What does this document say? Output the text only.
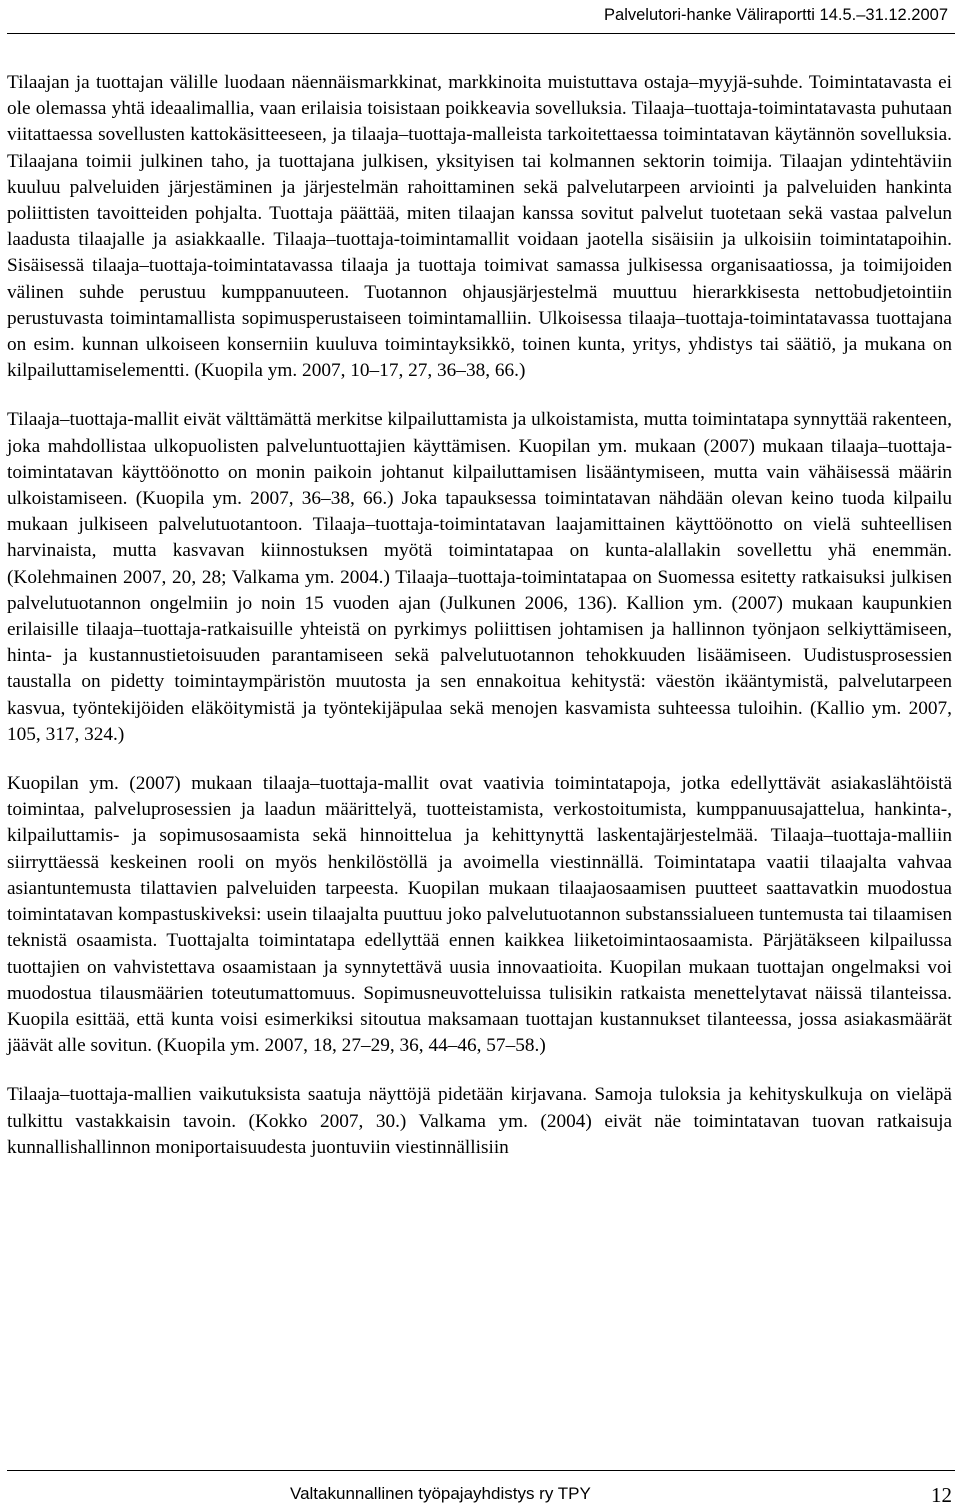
Palvelutori-hanke Väliraportti 14.5.–31.12.2007

Tilaajan ja tuottajan välille luodaan näennäismarkkinat, markkinoita muistuttava ostaja–myyjä-suhde. Toimintatavasta ei ole olemassa yhtä ideaalimallia, vaan erilaisia toisistaan poikkeavia sovelluksia. Tilaaja–tuottaja-toimintatavasta puhutaan viitattaessa sovellusten kattokäsitteeseen, ja tilaaja–tuottaja-malleista tarkoitettaessa toimintatavan käytännön sovelluksia. Tilaajana toimii julkinen taho, ja tuottajana julkisen, yksityisen tai kolmannen sektorin toimija. Tilaajan ydintehtäviin kuuluu palveluiden järjestäminen ja järjestelmän rahoittaminen sekä palvelutarpeen arviointi ja palveluiden hankinta poliittisten tavoitteiden pohjalta. Tuottaja päättää, miten tilaajan kanssa sovitut palvelut tuotetaan sekä vastaa palvelun laadusta tilaajalle ja asiakkaalle. Tilaaja–tuottaja-toimintamallit voidaan jaotella sisäisiin ja ulkoisiin toimintatapoihin. Sisäisessä tilaaja–tuottaja-toimintatavassa tilaaja ja tuottaja toimivat samassa julkisessa organisaatiossa, ja toimijoiden välinen suhde perustuu kumppanuuteen. Tuotannon ohjausjärjestelmä muuttuu hierarkkisesta nettobudjetointiin perustuvasta toimintamallista sopimusperustaiseen toimintamalliin. Ulkoisessa tilaaja–tuottaja-toimintatavassa tuottajana on esim. kunnan ulkoiseen konserniin kuuluva toimintayksikkö, toinen kunta, yritys, yhdistys tai säätiö, ja mukana on kilpailuttamiselementti. (Kuopila ym. 2007, 10–17, 27, 36–38, 66.)

Tilaaja–tuottaja-mallit eivät välttämättä merkitse kilpailuttamista ja ulkoistamista, mutta toimintatapa synnyttää rakenteen, joka mahdollistaa ulkopuolisten palveluntuottajien käyttämisen. Kuopilan ym. mukaan (2007) mukaan tilaaja–tuottaja-toimintatavan käyttöönotto on monin paikoin johtanut kilpailuttamisen lisääntymiseen, mutta vain vähäisessä määrin ulkoistamiseen. (Kuopila ym. 2007, 36–38, 66.) Joka tapauksessa toimintatavan nähdään olevan keino tuoda kilpailu mukaan julkiseen palvelutuotantoon. Tilaaja–tuottaja-toimintatavan laajamittainen käyttöönotto on vielä suhteellisen harvinaista, mutta kasvavan kiinnostuksen myötä toimintatapaa on kunta-alallakin sovellettu yhä enemmän. (Kolehmainen 2007, 20, 28; Valkama ym. 2004.) Tilaaja–tuottaja-toimintatapaa on Suomessa esitetty ratkaisuksi julkisen palvelutuotannon ongelmiin jo noin 15 vuoden ajan (Julkunen 2006, 136). Kallion ym. (2007) mukaan kaupunkien erilaisille tilaaja–tuottaja-ratkaisuille yhteistä on pyrkimys poliittisen johtamisen ja hallinnon työnjaon selkiyttämiseen, hinta- ja kustannustietoisuuden parantamiseen sekä palvelutuotannon tehokkuuden lisäämiseen. Uudistusprosessien taustalla on pidetty toimintaympäristön muutosta ja sen ennakoitua kehitystä: väestön ikääntymistä, palvelutarpeen kasvua, työntekijöiden eläköitymistä ja työntekijäpulaa sekä menojen kasvamista suhteessa tuloihin. (Kallio ym. 2007, 105, 317, 324.)

Kuopilan ym. (2007) mukaan tilaaja–tuottaja-mallit ovat vaativia toimintatapoja, jotka edellyttävät asiakaslähtöistä toimintaa, palveluprosessien ja laadun määrittelyä, tuotteistamista, verkostoitumista, kumppanuusajattelua, hankinta-, kilpailuttamis- ja sopimusosaamista sekä hinnoittelua ja kehittynyttä laskentajärjestelmää. Tilaaja–tuottaja-malliin siirryttäessä keskeinen rooli on myös henkilöstöllä ja avoimella viestinnällä. Toimintatapa vaatii tilaajalta vahvaa asiantuntemusta tilattavien palveluiden tarpeesta. Kuopilan mukaan tilaajaosaamisen puutteet saattavatkin muodostua toimintatavan kompastuskiveksi: usein tilaajalta puuttuu joko palvelutuotannon substanssialueen tuntemusta tai tilaamisen teknistä osaamista. Tuottajalta toimintatapa edellyttää ennen kaikkea liiketoimintaosaamista. Pärjätäkseen kilpailussa tuottajien on vahvistettava osaamistaan ja synnytettävä uusia innovaatioita. Kuopilan mukaan tuottajan ongelmaksi voi muodostua tilausmäärien toteutumattomuus. Sopimusneuvotteluissa tulisikin ratkaista menettelytavat näissä tilanteissa. Kuopila esittää, että kunta voisi esimerkiksi sitoutua maksamaan tuottajan kustannukset tilanteessa, jossa asiakasmäärät jäävät alle sovitun. (Kuopila ym. 2007, 18, 27–29, 36, 44–46, 57–58.)

Tilaaja–tuottaja-mallien vaikutuksista saatuja näyttöjä pidetään kirjavana. Samoja tuloksia ja kehityskulkuja on vieläpä tulkittu vastakkaisin tavoin. (Kokko 2007, 30.) Valkama ym. (2004) eivät näe toimintatavan tuovan ratkaisuja kunnallishallinnon moniportaisuudesta juontuviin viestinnällisiin

Valtakunnallinen työpajayhdistys ry TPY	12
